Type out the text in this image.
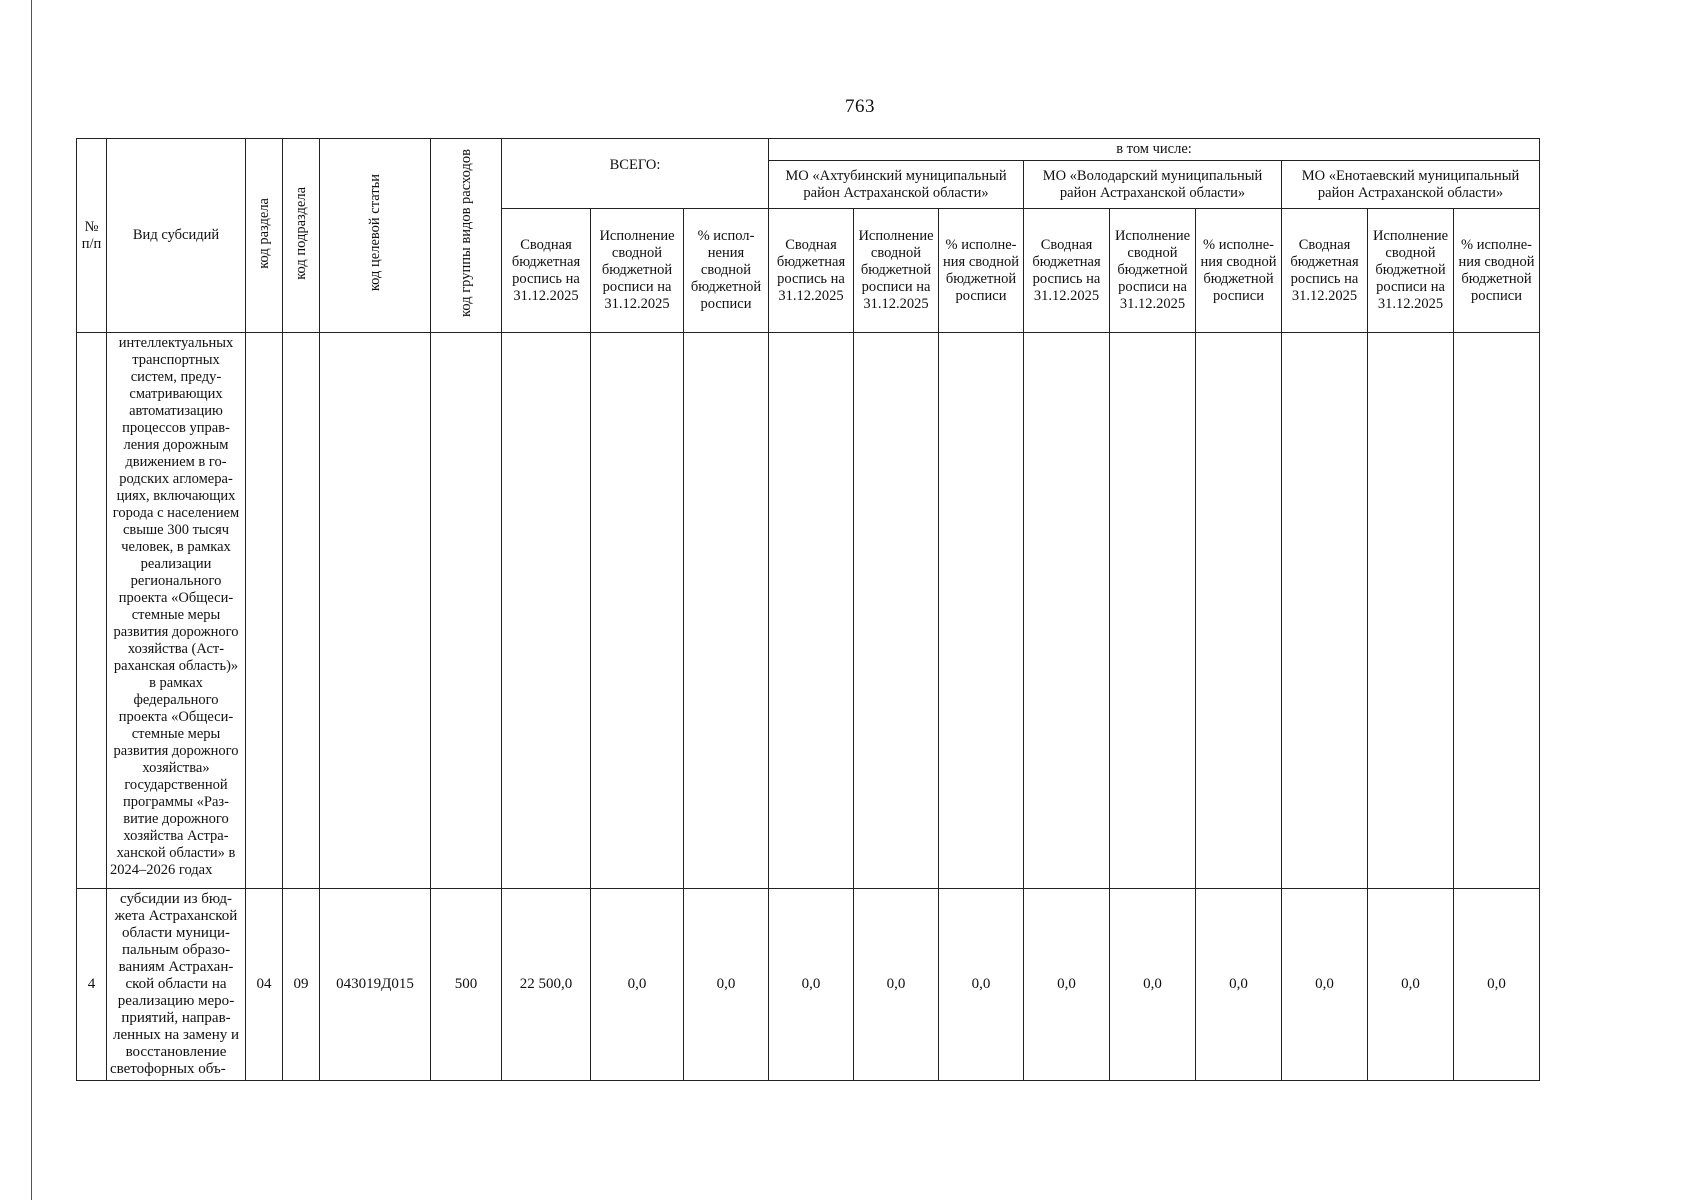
763
№ п/п	Вид субсидий	код раздела	код подраздела	код целевой статьи	код группы видов расходов	ВСЕГО:			в том числе:								
									МО «Ахтубинский муниципальный район Астраханской области»			МО «Володарский муниципальный район Астраханской области»			МО «Енотаевский муниципальный район Астраханской области»		
						Сводная бюджетная роспись на 31.12.2025	Исполнение сводной бюджетной росписи на 31.12.2025	% исполнения сводной бюджетной росписи	Сводная бюджетная роспись на 31.12.2025	Исполнение сводной бюджетной росписи на 31.12.2025	% исполнения сводной бюджетной росписи	Сводная бюджетная роспись на 31.12.2025	Исполнение сводной бюджетной росписи на 31.12.2025	% исполнения сводной бюджетной росписи	Сводная бюджетная роспись на 31.12.2025	Исполнение сводной бюджетной росписи на 31.12.2025	% исполнения сводной бюджетной росписи
	интеллектуальных транспортных систем, предусматривающих автоматизацию процессов управления дорожным движением в городских агломерациях, включающих города с населением свыше 300 тысяч человек, в рамках реализации регионального проекта «Общесистемные меры развития дорожного хозяйства (Астраханская область)» в рамках федерального проекта «Общесистемные меры развития дорожного хозяйства» государственной программы «Развитие дорожного хозяйства Астраханской области» в 2024–2026 годах																
4	субсидии из бюджета Астраханской области муниципальным образованиям Астраханской области на реализацию мероприятий, направленных на замену и восстановление светофорных объ-	04	09	043019Д015	500	22 500,0	0,0	0,0	0,0	0,0	0,0	0,0	0,0	0,0	0,0	0,0	0,0
